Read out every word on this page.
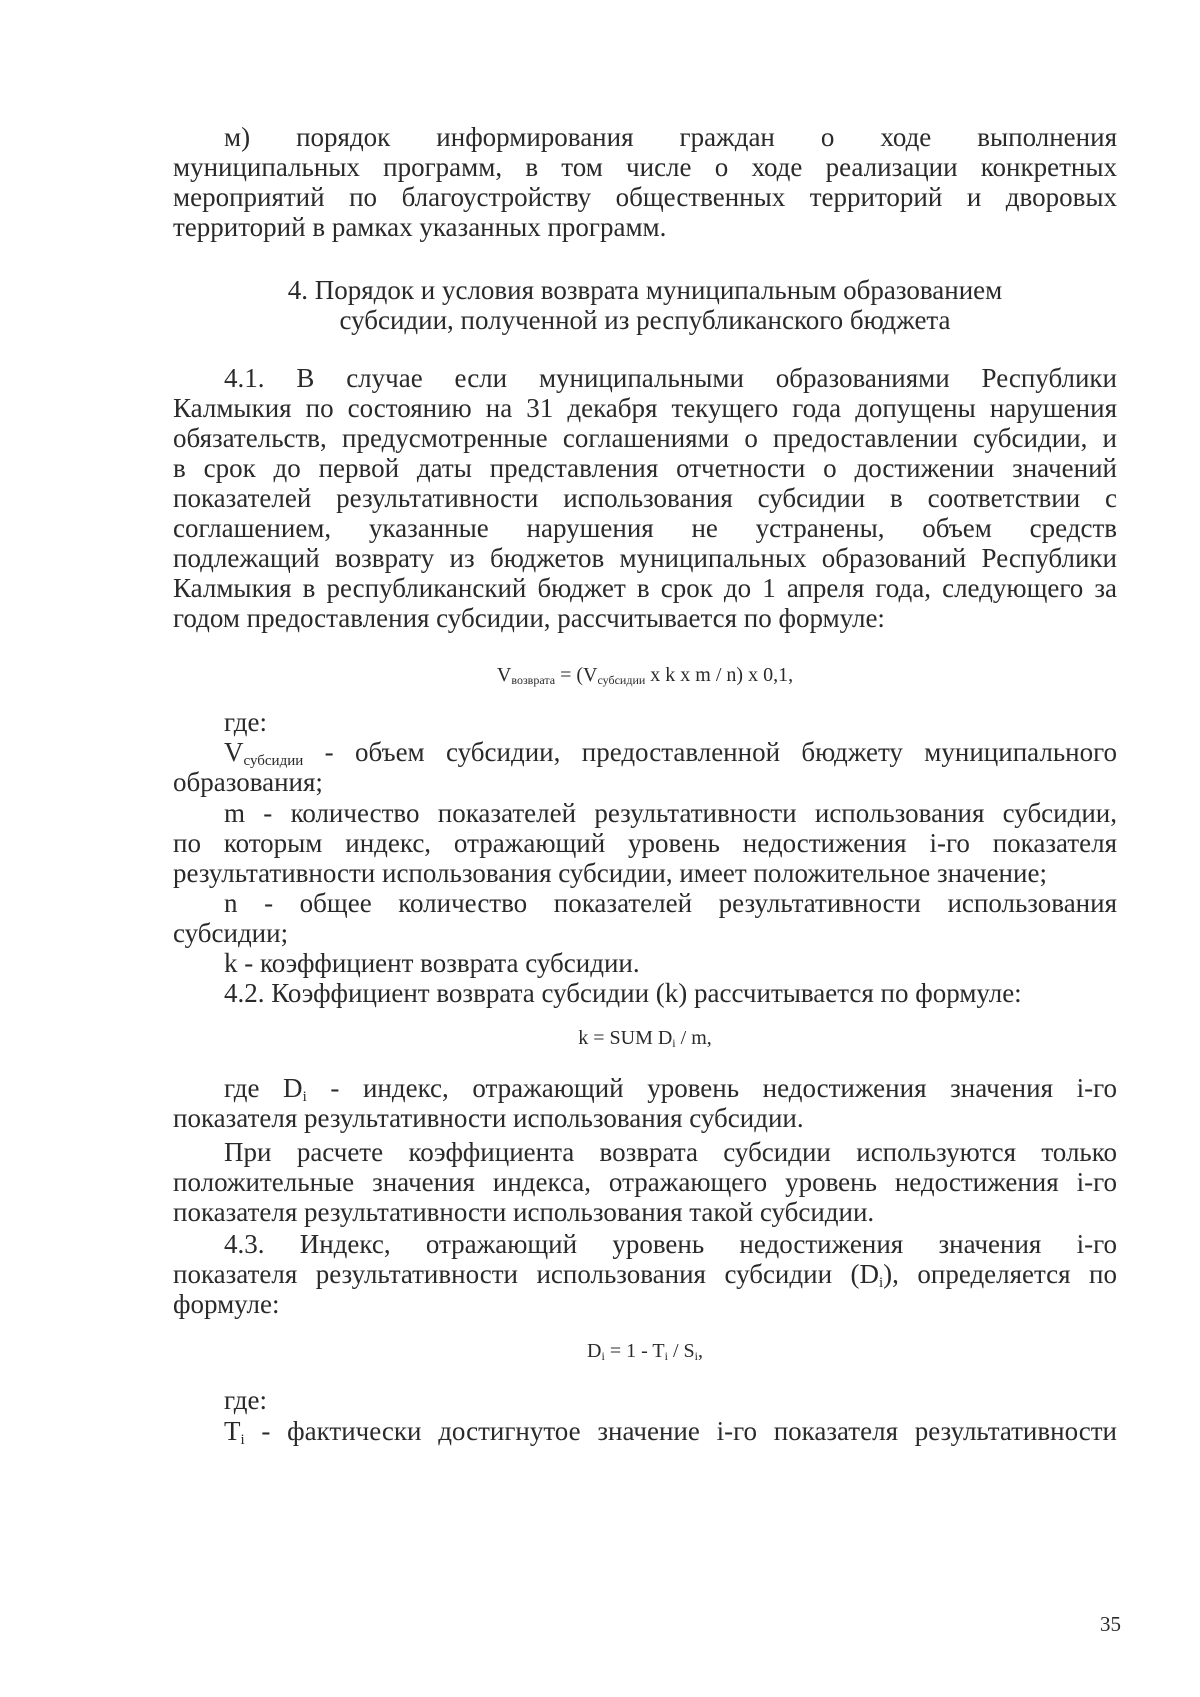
м) порядок информирования граждан о ходе выполнения

муниципальных программ, в том числе о ходе реализации конкретных

мероприятий по благоустройству общественных территорий и дворовых

территорий в рамках указанных программ.

4. Порядок и условия возврата муниципальным образованием

субсидии, полученной из республиканского бюджета

4.1. В случае если муниципальными образованиями Республики

Калмыкия по состоянию на 31 декабря текущего года допущены нарушения

обязательств, предусмотренные соглашениями о предоставлении субсидии, и

в срок до первой даты представления отчетности о достижении значений

показателей результативности использования субсидии в соответствии с

соглашением, указанные нарушения не устранены, объем средств

подлежащий возврату из бюджетов муниципальных образований Республики

Калмыкия в республиканский бюджет в срок до 1 апреля года, следующего за

годом предоставления субсидии, рассчитывается по формуле:

Vвозврата = (Vсубсидии x k x m / n) x 0,1,

где:

$V_{субсидии}$ - объем субсидии, предоставленной бюджету муниципального

образования;

m - количество показателей результативности использования субсидии,

по которым индекс, отражающий уровень недостижения i-го показателя

результативности использования субсидии, имеет положительное значение;

n - общее количество показателей результативности использования

субсидии;

k - коэффициент возврата субсидии.

4.2. Коэффициент возврата субсидии (k) рассчитывается по формуле:

k = SUM Di / m,

где $D_i$ - индекс, отражающий уровень недостижения значения i-го

показателя результативности использования субсидии.

При расчете коэффициента возврата субсидии используются только

положительные значения индекса, отражающего уровень недостижения i-го

показателя результативности использования такой субсидии.

4.3. Индекс, отражающий уровень недостижения значения i-го

показателя результативности использования субсидии $(D_i)$, определяется по

формуле:

Di = 1 - Ti / Si,

где:

$T_i$ - фактически достигнутое значение i-го показателя результативности

35
